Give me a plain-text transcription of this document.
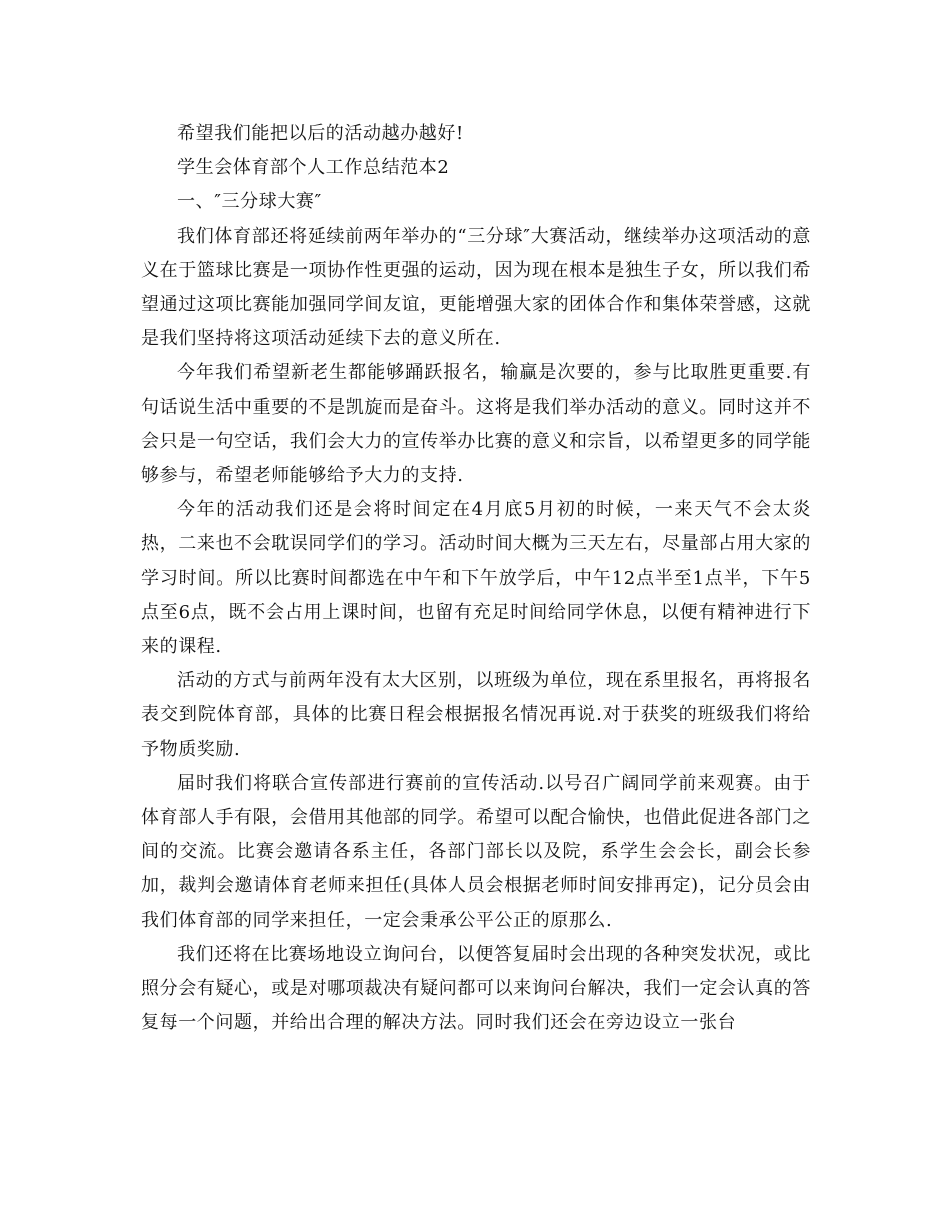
希望我们能把以后的活动越办越好!

学生会体育部个人工作总结范本2

一、″三分球大赛″

我们体育部还将延续前两年举办的“三分球″大赛活动，继续举办这项活动的意义在于篮球比赛是一项协作性更强的运动，因为现在根本是独生子女，所以我们希望通过这项比赛能加强同学间友谊，更能增强大家的团体合作和集体荣誉感，这就是我们坚持将这项活动延续下去的意义所在.

今年我们希望新老生都能够踊跃报名，输赢是次要的，参与比取胜更重要.有句话说生活中重要的不是凯旋而是奋斗。这将是我们举办活动的意义。同时这并不会只是一句空话，我们会大力的宣传举办比赛的意义和宗旨，以希望更多的同学能够参与，希望老师能够给予大力的支持.

今年的活动我们还是会将时间定在4月底5月初的时候，一来天气不会太炎热，二来也不会耽误同学们的学习。活动时间大概为三天左右，尽量部占用大家的学习时间。所以比赛时间都选在中午和下午放学后，中午12点半至1点半，下午5点至6点，既不会占用上课时间，也留有充足时间给同学休息，以便有精神进行下来的课程.

活动的方式与前两年没有太大区别，以班级为单位，现在系里报名，再将报名表交到院体育部，具体的比赛日程会根据报名情况再说.对于获奖的班级我们将给予物质奖励.

届时我们将联合宣传部进行赛前的宣传活动.以号召广阔同学前来观赛。由于体育部人手有限，会借用其他部的同学。希望可以配合愉快，也借此促进各部门之间的交流。比赛会邀请各系主任，各部门部长以及院，系学生会会长，副会长参加，裁判会邀请体育老师来担任(具体人员会根据老师时间安排再定)，记分员会由我们体育部的同学来担任，一定会秉承公平公正的原那么.

我们还将在比赛场地设立询问台，以便答复届时会出现的各种突发状况，或比照分会有疑心，或是对哪项裁决有疑问都可以来询问台解决，我们一定会认真的答复每一个问题，并给出合理的解决方法。同时我们还会在旁边设立一张台
